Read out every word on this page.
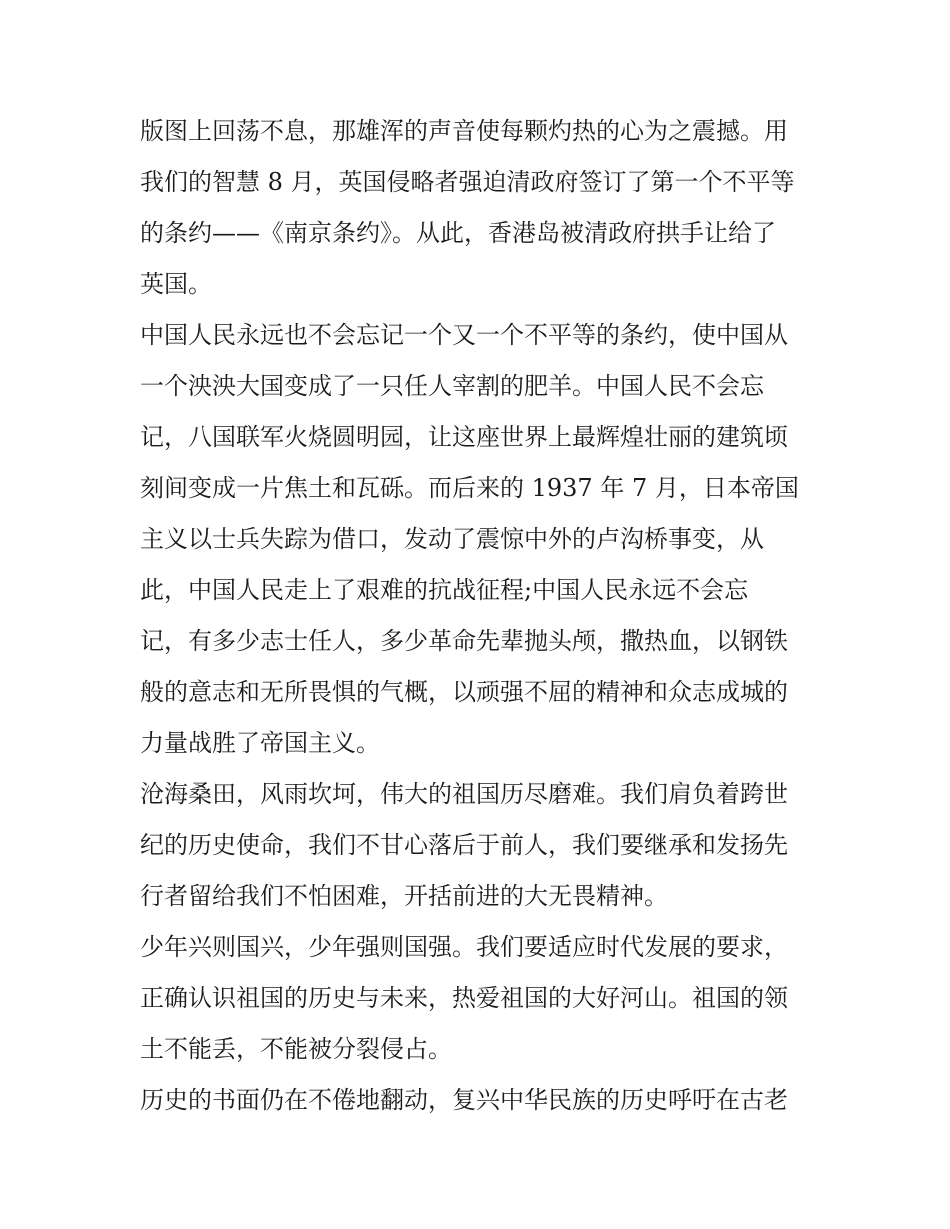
版图上回荡不息，那雄浑的声音使每颗灼热的心为之震撼。用
我们的智慧 8 月，英国侵略者强迫清政府签订了第一个不平等
的条约——《南京条约》。从此，香港岛被清政府拱手让给了
英国。
中国人民永远也不会忘记一个又一个不平等的条约，使中国从
一个泱泱大国变成了一只任人宰割的肥羊。中国人民不会忘
记，八国联军火烧圆明园，让这座世界上最辉煌壮丽的建筑顷
刻间变成一片焦土和瓦砾。而后来的 1937 年 7 月，日本帝国
主义以士兵失踪为借口，发动了震惊中外的卢沟桥事变，从
此，中国人民走上了艰难的抗战征程;中国人民永远不会忘
记，有多少志士任人，多少革命先辈抛头颅，撒热血，以钢铁
般的意志和无所畏惧的气概，以顽强不屈的精神和众志成城的
力量战胜了帝国主义。
沧海桑田，风雨坎坷，伟大的祖国历尽磨难。我们肩负着跨世
纪的历史使命，我们不甘心落后于前人，我们要继承和发扬先
行者留给我们不怕困难，开括前进的大无畏精神。
少年兴则国兴，少年强则国强。我们要适应时代发展的要求，
正确认识祖国的历史与未来，热爱祖国的大好河山。祖国的领
土不能丢，不能被分裂侵占。
历史的书面仍在不倦地翻动，复兴中华民族的历史呼吁在古老
